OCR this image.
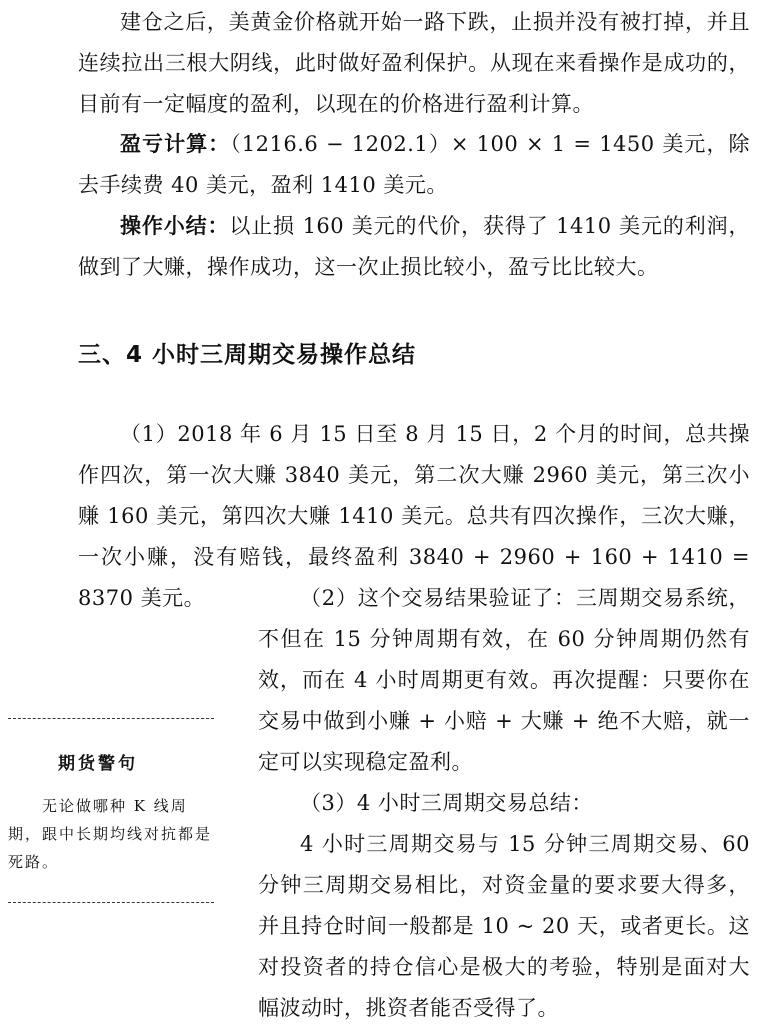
建仓之后，美黄金价格就开始一路下跌，止损并没有被打掉，并且连续拉出三根大阴线，此时做好盈利保护。从现在来看操作是成功的，目前有一定幅度的盈利，以现在的价格进行盈利计算。

盈亏计算：（1216.6 − 1202.1）× 100 × 1 = 1450 美元，除去手续费 40 美元，盈利 1410 美元。

操作小结：以止损 160 美元的代价，获得了 1410 美元的利润，做到了大赚，操作成功，这一次止损比较小，盈亏比比较大。

三、4 小时三周期交易操作总结

（1）2018 年 6 月 15 日至 8 月 15 日，2 个月的时间，总共操作四次，第一次大赚 3840 美元，第二次大赚 2960 美元，第三次小赚 160 美元，第四次大赚 1410 美元。总共有四次操作，三次大赚，一次小赚，没有赔钱，最终盈利 3840 + 2960 + 160 + 1410 = 8370 美元。	（2）这个交易结果验证了：三周期交易系统，不但在 15 分钟周期有效，在 60 分钟周期仍然有效，而在 4 小时周期更有效。再次提醒：只要你在交易中做到小赚 + 小赔 + 大赚 + 绝不大赔，就一定可以实现稳定盈利。

（3）4 小时三周期交易总结：

4 小时三周期交易与 15 分钟三周期交易、60 分钟三周期交易相比，对资金量的要求要大得多，并且持仓时间一般都是 10 ~ 20 天，或者更长。这对投资者的持仓信心是极大的考验，特别是面对大幅波动时，挑资者能否受得了。

期货警句
无论做哪种 K 线周期，跟中长期均线对抗都是死路。
